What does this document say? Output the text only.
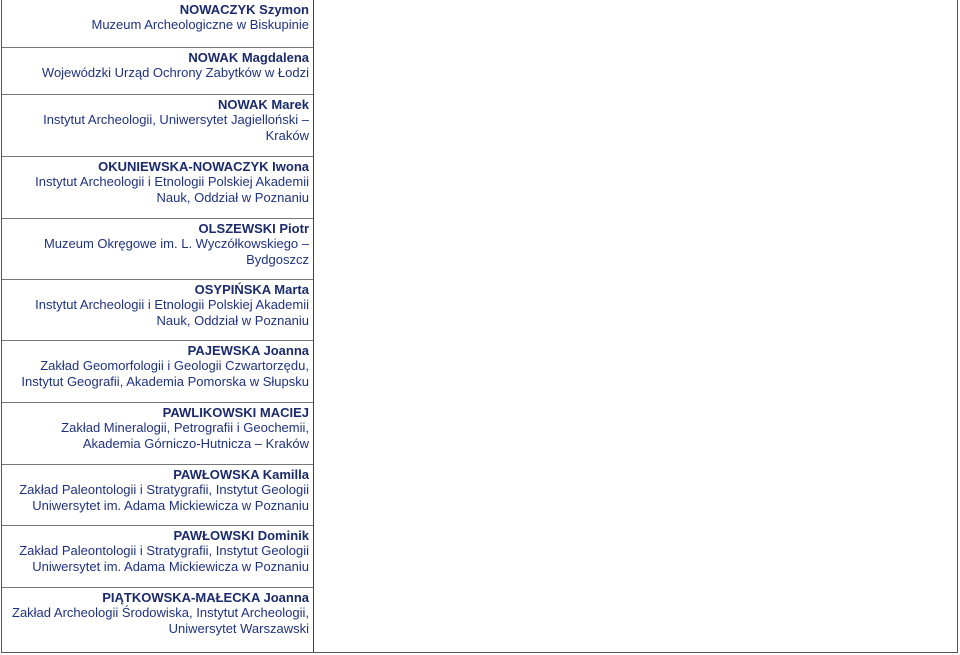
NOWACZYK Szymon
Muzeum Archeologiczne w Biskupinie
NOWAK Magdalena
Wojewódzki Urząd Ochrony Zabytków w Łodzi
NOWAK Marek
Instytut Archeologii, Uniwersytet Jagielloński – Kraków
OKUNIEWSKA-NOWACZYK Iwona
Instytut Archeologii i Etnologii Polskiej Akademii Nauk, Oddział w Poznaniu
OLSZEWSKI Piotr
Muzeum Okręgowe im. L. Wyczółkowskiego – Bydgoszcz
OSYPIŃSKA Marta
Instytut Archeologii i Etnologii Polskiej Akademii Nauk, Oddział w Poznaniu
PAJEWSKA Joanna
Zakład Geomorfologii i Geologii Czwartorzędu, Instytut Geografii, Akademia Pomorska w Słupsku
PAWLIKOWSKI MACIEJ
Zakład Mineralogii, Petrografii i Geochemii, Akademia Górniczo-Hutnicza – Kraków
PAWŁOWSKA Kamilla
Zakład Paleontologii i Stratygrafii, Instytut Geologii Uniwersytet im. Adama Mickiewicza w Poznaniu
PAWŁOWSKI Dominik
Zakład Paleontologii i Stratygrafii, Instytut Geologii Uniwersytet im. Adama Mickiewicza w Poznaniu
PIĄTKOWSKA-MAŁECKA Joanna
Zakład Archeologii Środowiska, Instytut Archeologii, Uniwersytet Warszawski
